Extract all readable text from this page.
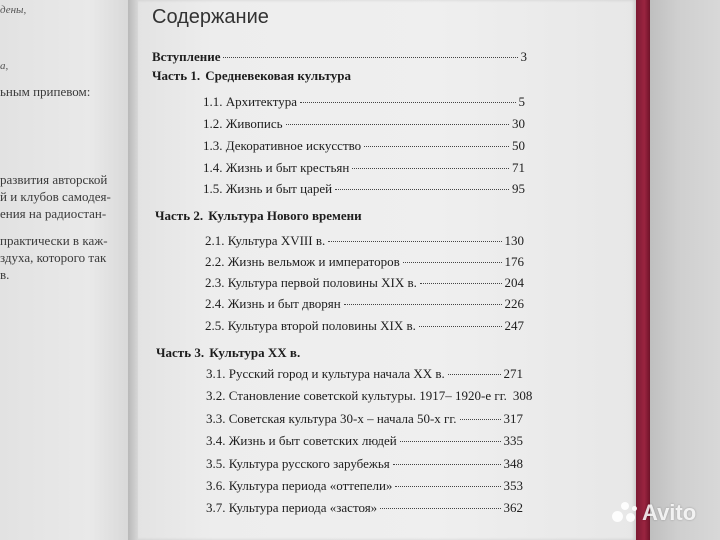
дены,
а,
ьным припевом:
развития авторской
й и клубов самодея-
ения на радиостан-
практически в каж-
здуха, которого так
в.
Содержание
Вступление	3
Часть 1. Средневековая культура
1.1. Архитектура	5
1.2. Живопись	30
1.3. Декоративное искусство	50
1.4. Жизнь и быт крестьян	71
1.5. Жизнь и быт царей	95
Часть 2. Культура Нового времени
2.1. Культура XVIII в.	130
2.2. Жизнь вельмож и императоров	176
2.3. Культура первой половины XIX в.	204
2.4. Жизнь и быт дворян	226
2.5. Культура второй половины XIX в.	247
Часть 3. Культура XX в.
3.1. Русский город и культура начала XX в.	271
3.2. Становление советской культуры. 1917– 1920-е гг. 308
3.3. Советская культура 30-х – начала 50-х гг.	317
3.4. Жизнь и быт советских людей	335
3.5. Культура русского зарубежья	348
3.6. Культура периода «оттепели»	353
3.7. Культура периода «застоя»	362	Avito
